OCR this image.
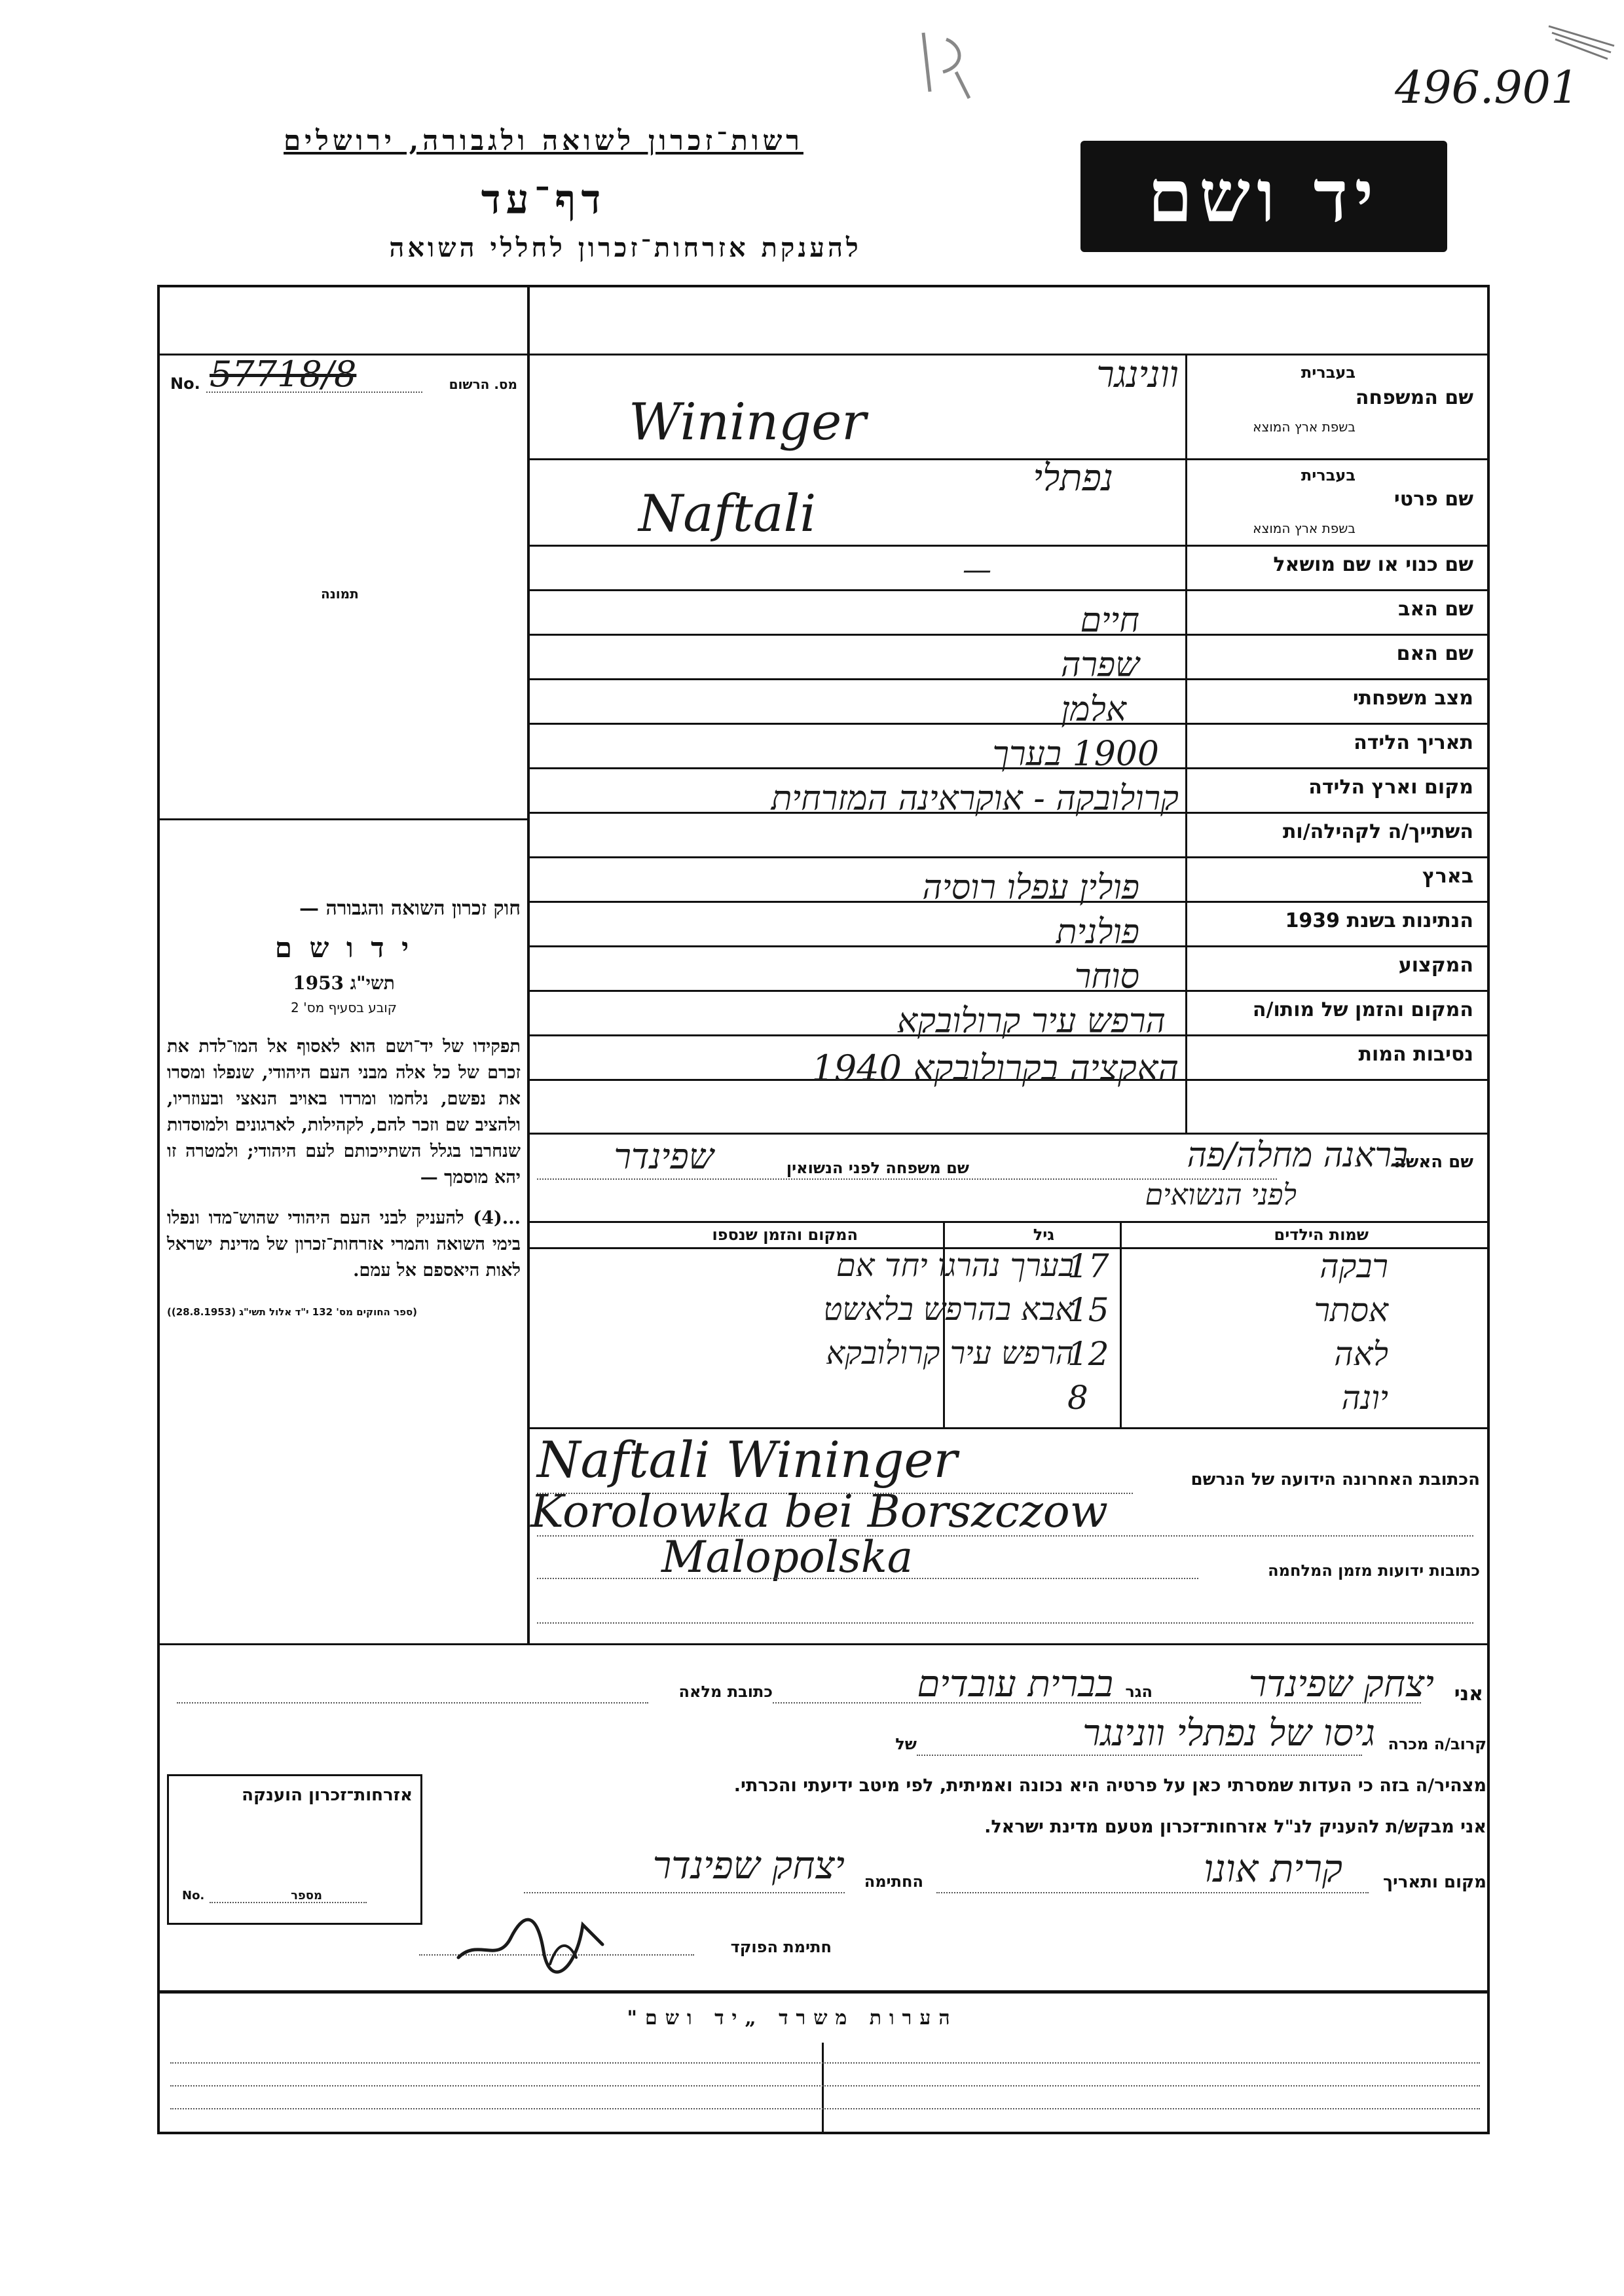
496.901
רשות־זכרון לשואה ולגבורה, ירושלים
דף־עד
להענקת אזרחות־זכרון לחללי השואה
יד ושם
מס. הרשום
No. 57718/8
תמונה
בעברית
שם המשפחה
בשפת ארץ המוצא
וונינגר
Wininger
בעברית
שם פרטי
בשפת ארץ המוצא
נפתלי
Naftali
שם כנוי או שם מושאל
—
שם האב
חיים
שם האם
שפרה
מצב משפחתי
אלמן
תאריך הלידה
1900 בערך
מקום וארץ הלידה
קרולובקה - אוקראינה המזרחית
השתייך/ה לקהילה/ות
בארץ
פולין עפלו רוסיה
הנתינות בשנת 1939
פולנית
המקצוע
סוחר
המקום והזמן של מותו/ה
הרפש עיר קרולובקא
נסיבות המות
האקציה בקרולובקא 1940
שם האשה
שם משפחה לפני הנשואין	בראנה מחלה/פה
שפינדר
לפני הנשואים
שמות הילדים
גיל
המקום והזמן שנספו
רבקה
17
בערך נהרגו יחד אם
אסתר
15
אבא בהרפש בלאשט
לאה
12
הרפש עיר קרולובקא
יונה
8
הכתובת האחרונה הידועה של הנרשם
Naftali Wininger
Korolowka bei Borszczow
כתובות ידועות מזמן המלחמה
Malopolska
חוק זכרון השואה והגבורה —
י ד ו ש ם
תשי"ג 1953
קובע בסעיף מס' 2
תפקידו של יד־ושם הוא לאסוף אל המו־לדת את זכרם של כל אלה מבני העם היהודי, שנפלו ומסרו את נפשם, נלחמו ומרדו באויב הנאצי ובעוזריו, ולהציב שם וזכר להם, לקהילות, לארגונים ולמוסדות שנחרבו בגלל השתייכותם לעם היהודי; ולמטרה זו יהא מוסמך —
...(4) להעניק לבני העם היהודי שהוש־מדו ונפלו בימי השואה והמרי אזרחות־זכרון של מדינת ישראל לאות היאספם אל עמם.
(ספר החוקים מס' 132 י"ד אלול תשי"ג (28.8.1953))
אני
יצחק שפינדר
הגר
בברית עובדים
כתובת מלאה
קרוב/ה מכרה
גיסו של נפתלי וונינגר
של
מצהיר/ה בזה כי העדות שמסרתי כאן על פרטיה היא נכונה ואמיתית, לפי מיטב ידיעתי והכרתי.
אני מבקש/ת להעניק לנ"ל אזרחות־זכרון מטעם מדינת ישראל.
מקום ותאריך
קרית אונו
החתימה
יצחק שפינדר
חתימת הפוקד
אזרחות־זכרון הוענקה
מספר
No.
הערות משרד „יד ושם"
